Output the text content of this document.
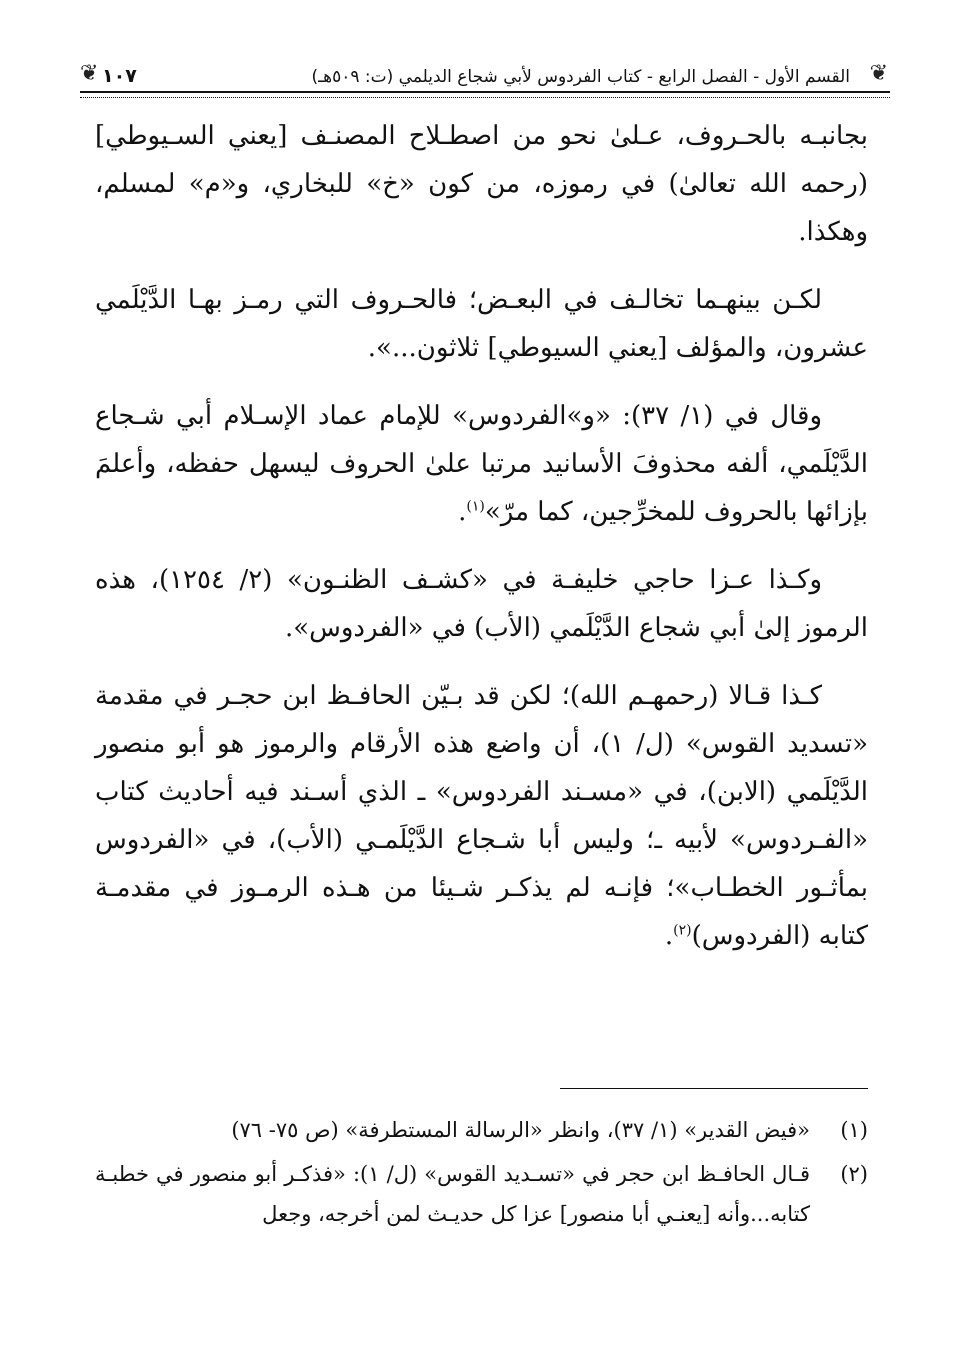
❦
القسم الأول - الفصل الرابع - كتاب الفردوس لأبي شجاع الديلمي (ت: ٥٠٩هـ)
١٠٧
❦
بجانبـه بالحـروف، عـلىٰ نحو من اصطـلاح المصنـف [يعني السـيوطي] (رحمه الله تعالىٰ) في رموزه، من كون «خ» للبخاري، و«م» لمسلم، وهكذا.
لكـن بينهـما تخالـف في البعـض؛ فالحـروف التي رمـز بهـا الدَّيْلَمي عشرون، والمؤلف [يعني السيوطي] ثلاثون...».
وقال في (١/ ٣٧): «و»الفردوس» للإمام عماد الإسـلام أبي شـجاع الدَّيْلَمي، ألفه محذوفَ الأسانيد مرتبا علىٰ الحروف ليسهل حفظه، وأعلمَ بإزائها بالحروف للمخرِّجين، كما مرّ»$^{(١)}$.
وكـذا عـزا حاجي خليفـة في «كشـف الظنـون» (٢/ ١٢٥٤)، هذه الرموز إلىٰ أبي شجاع الدَّيْلَمي (الأب) في «الفردوس».
كـذا قـالا (رحمهـم الله)؛ لكن قد بـيّن الحافـظ ابن حجـر في مقدمة «تسديد القوس» (ل/ ١)، أن واضع هذه الأرقام والرموز هو أبو منصور الدَّيْلَمي (الابن)، في «مسـند الفردوس» ـ الذي أسـند فيه أحاديث كتاب «الفـردوس» لأبيه ـ؛ وليس أبا شـجاع الدَّيْلَمـي (الأب)، في «الفردوس بمأثـور الخطـاب»؛ فإنـه لم يذكـر شـيئا من هـذه الرمـوز في مقدمـة كتابه (الفردوس)$^{(٢)}$.
(١)
«فيض القدير» (١/ ٣٧)، وانظر «الرسالة المستطرفة» (ص ٧٥- ٧٦)
(٢)
قـال الحافـظ ابن حجر في «تسـديد القوس» (ل/ ١): «فذكـر أبو منصور في خطبـة كتابه...وأنه [يعنـي أبا منصور] عزا كل حديـث لمن أخرجه، وجعل
